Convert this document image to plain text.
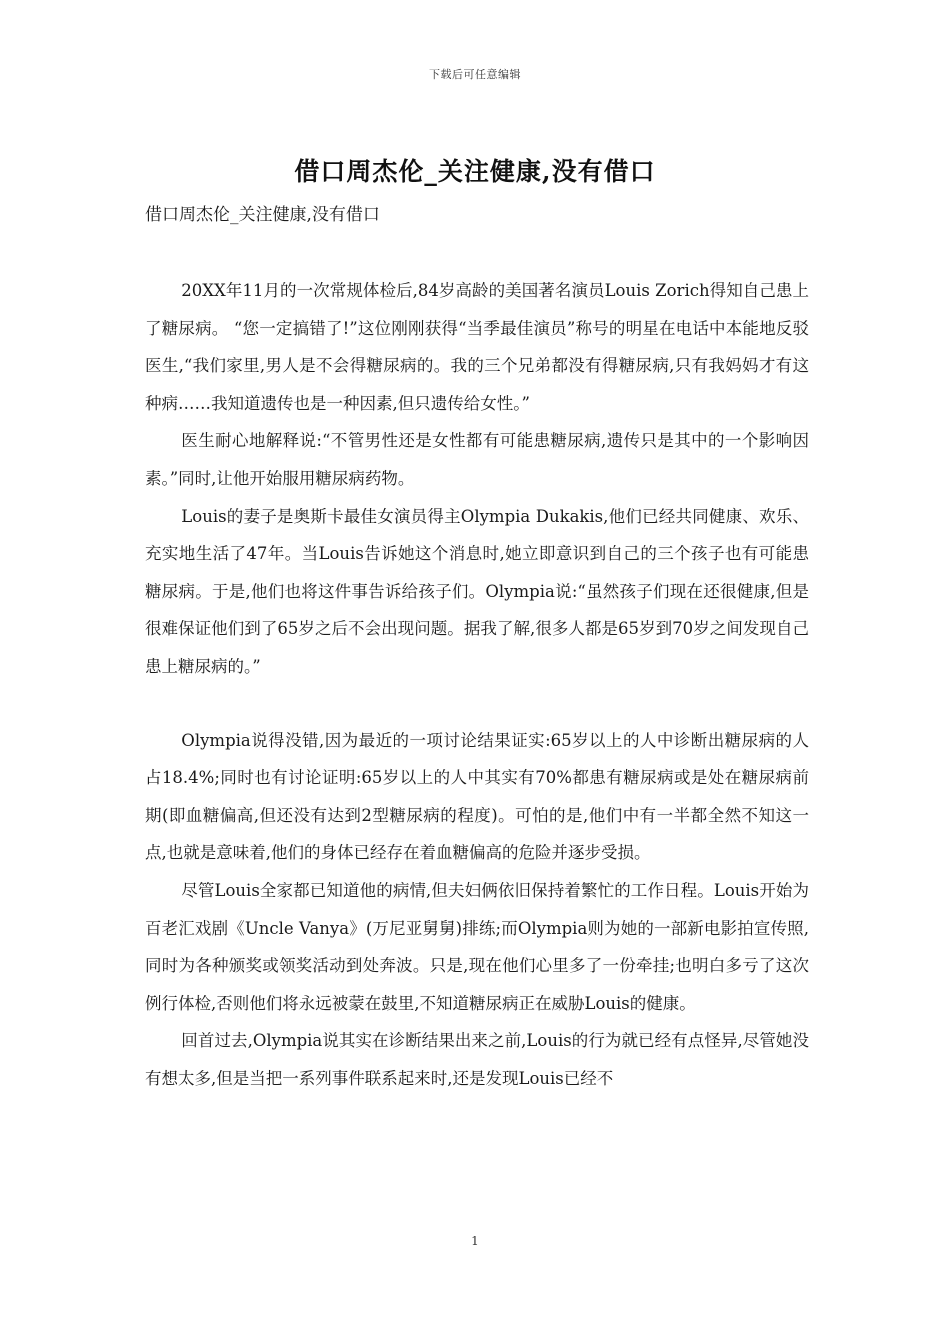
下载后可任意编辑
借口周杰伦_关注健康,没有借口
借口周杰伦_关注健康,没有借口

20XX年11月的一次常规体检后,84岁高龄的美国著名演员Louis Zorich得知自己患上了糖尿病。 “您一定搞错了!”这位刚刚获得“当季最佳演员”称号的明星在电话中本能地反驳医生,“我们家里,男人是不会得糖尿病的。我的三个兄弟都没有得糖尿病,只有我妈妈才有这种病……我知道遗传也是一种因素,但只遗传给女性。”

医生耐心地解释说:“不管男性还是女性都有可能患糖尿病,遗传只是其中的一个影响因素。”同时,让他开始服用糖尿病药物。

Louis的妻子是奥斯卡最佳女演员得主Olympia Dukakis,他们已经共同健康、欢乐、充实地生活了47年。当Louis告诉她这个消息时,她立即意识到自己的三个孩子也有可能患糖尿病。于是,他们也将这件事告诉给孩子们。Olympia说:“虽然孩子们现在还很健康,但是很难保证他们到了65岁之后不会出现问题。据我了解,很多人都是65岁到70岁之间发现自己患上糖尿病的。”

Olympia说得没错,因为最近的一项讨论结果证实:65岁以上的人中诊断出糖尿病的人占18.4%;同时也有讨论证明:65岁以上的人中其实有70%都患有糖尿病或是处在糖尿病前期(即血糖偏高,但还没有达到2型糖尿病的程度)。可怕的是,他们中有一半都全然不知这一点,也就是意味着,他们的身体已经存在着血糖偏高的危险并逐步受损。

尽管Louis全家都已知道他的病情,但夫妇俩依旧保持着繁忙的工作日程。Louis开始为百老汇戏剧《Uncle Vanya》(万尼亚舅舅)排练;而Olympia则为她的一部新电影拍宣传照,同时为各种颁奖或领奖活动到处奔波。只是,现在他们心里多了一份牵挂;也明白多亏了这次例行体检,否则他们将永远被蒙在鼓里,不知道糖尿病正在威胁Louis的健康。

回首过去,Olympia说其实在诊断结果出来之前,Louis的行为就已经有点怪异,尽管她没有想太多,但是当把一系列事件联系起来时,还是发现Louis已经不

1
